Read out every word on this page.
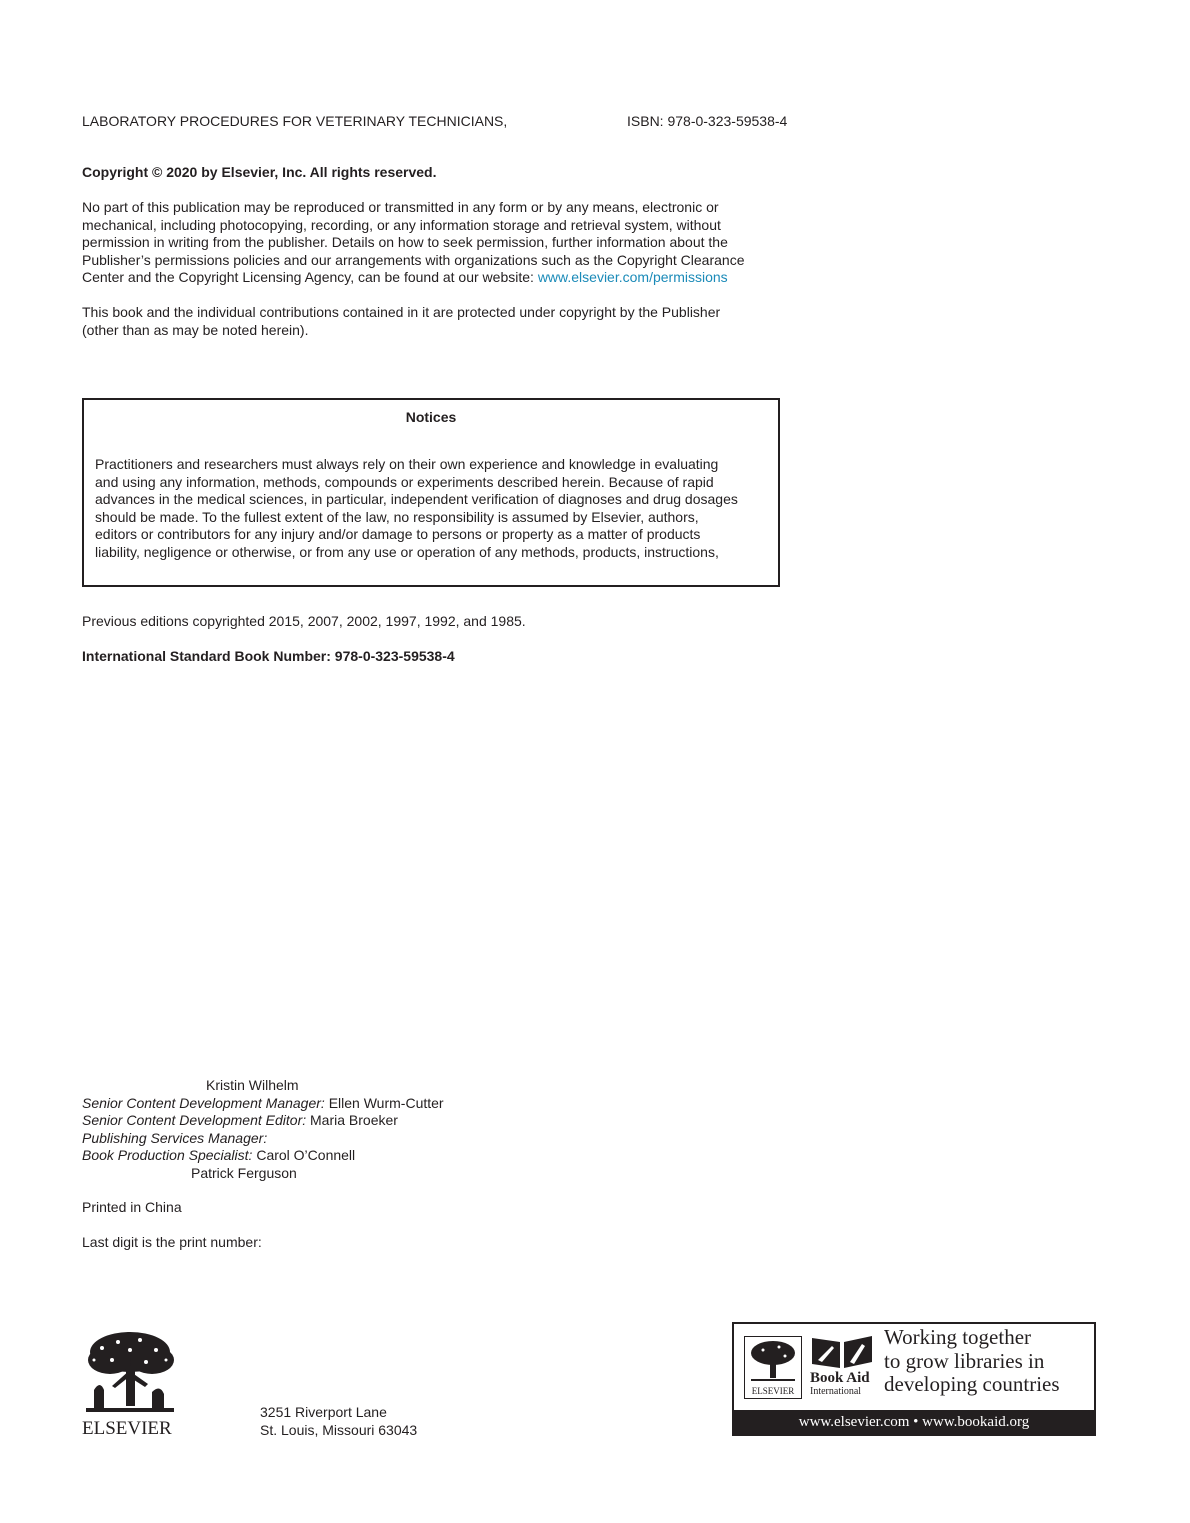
LABORATORY PROCEDURES FOR VETERINARY TECHNICIANS,	ISBN: 978-0-323-59538-4
Copyright © 2020 by Elsevier, Inc. All rights reserved.
No part of this publication may be reproduced or transmitted in any form or by any means, electronic or
mechanical, including photocopying, recording, or any information storage and retrieval system, without
permission in writing from the publisher. Details on how to seek permission, further information about the
Publisher’s permissions policies and our arrangements with organizations such as the Copyright Clearance
Center and the Copyright Licensing Agency, can be found at our website: www.elsevier.com/permissions
This book and the individual contributions contained in it are protected under copyright by the Publisher
(other than as may be noted herein).
Notices
Practitioners and researchers must always rely on their own experience and knowledge in evaluating
and using any information, methods, compounds or experiments described herein. Because of rapid
advances in the medical sciences, in particular, independent verification of diagnoses and drug dosages
should be made. To the fullest extent of the law, no responsibility is assumed by Elsevier, authors,
editors or contributors for any injury and/or damage to persons or property as a matter of products
liability, negligence or otherwise, or from any use or operation of any methods, products, instructions,
Previous editions copyrighted 2015, 2007, 2002, 1997, 1992, and 1985.
International Standard Book Number: 978-0-323-59538-4
Kristin Wilhelm
Senior Content Development Manager: Ellen Wurm-Cutter
Senior Content Development Editor: Maria Broeker
Publishing Services Manager:
Book Production Specialist: Carol O’Connell
Patrick Ferguson
Printed in China
Last digit is the print number:
ELSEVIER
3251 Riverport Lane
St. Louis, Missouri 63043
ELSEVIER
Book Aid
International
Working together
to grow libraries in
developing countries
www.elsevier.com • www.bookaid.org
